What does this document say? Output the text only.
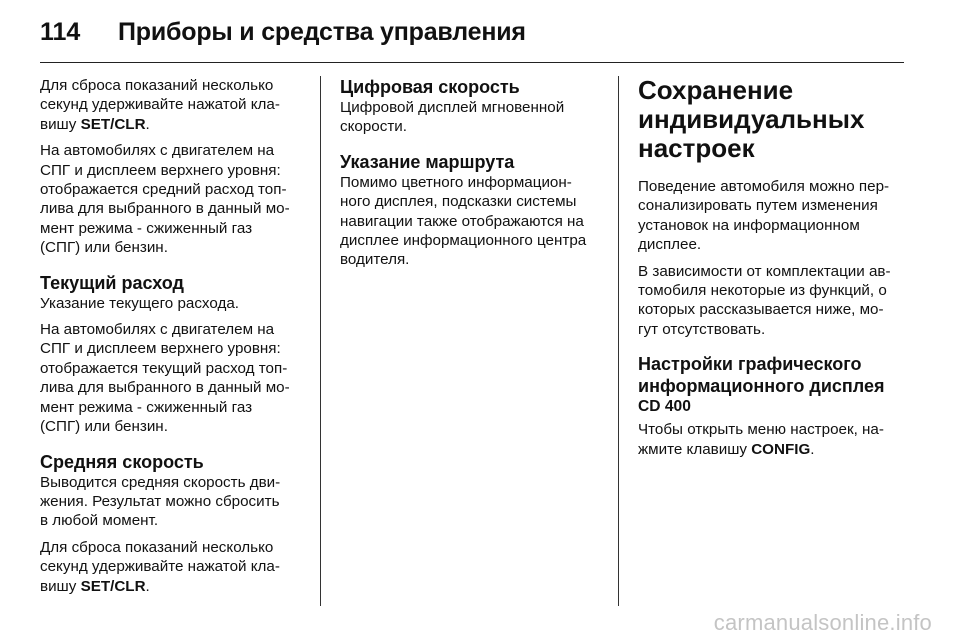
114	Приборы и средства управления

Для сброса показаний несколько
секунд удерживайте нажатой кла-
вишу SET/CLR.

На автомобилях с двигателем на
СПГ и дисплеем верхнего уровня:
отображается средний расход топ-
лива для выбранного в данный мо-
мент режима - сжиженный газ
(СПГ) или бензин.

Текущий расход

Указание текущего расхода.

На автомобилях с двигателем на
СПГ и дисплеем верхнего уровня:
отображается текущий расход топ-
лива для выбранного в данный мо-
мент режима - сжиженный газ
(СПГ) или бензин.

Средняя скорость

Выводится средняя скорость дви-
жения. Результат можно сбросить
в любой момент.

Для сброса показаний несколько
секунд удерживайте нажатой кла-
вишу SET/CLR.

Цифровая скорость

Цифровой дисплей мгновенной
скорости.

Указание маршрута

Помимо цветного информацион-
ного дисплея, подсказки системы
навигации также отображаются на
дисплее информационного центра
водителя.

Сохранение
индивидуальных
настроек

Поведение автомобиля можно пер-
сонализировать путем изменения
установок на информационном
дисплее.

В зависимости от комплектации ав-
томобиля некоторые из функций, о
которых рассказывается ниже, мо-
гут отсутствовать.

Настройки графического
информационного дисплея
CD 400

Чтобы открыть меню настроек, на-
жмите клавишу CONFIG.

carmanualsonline.info
